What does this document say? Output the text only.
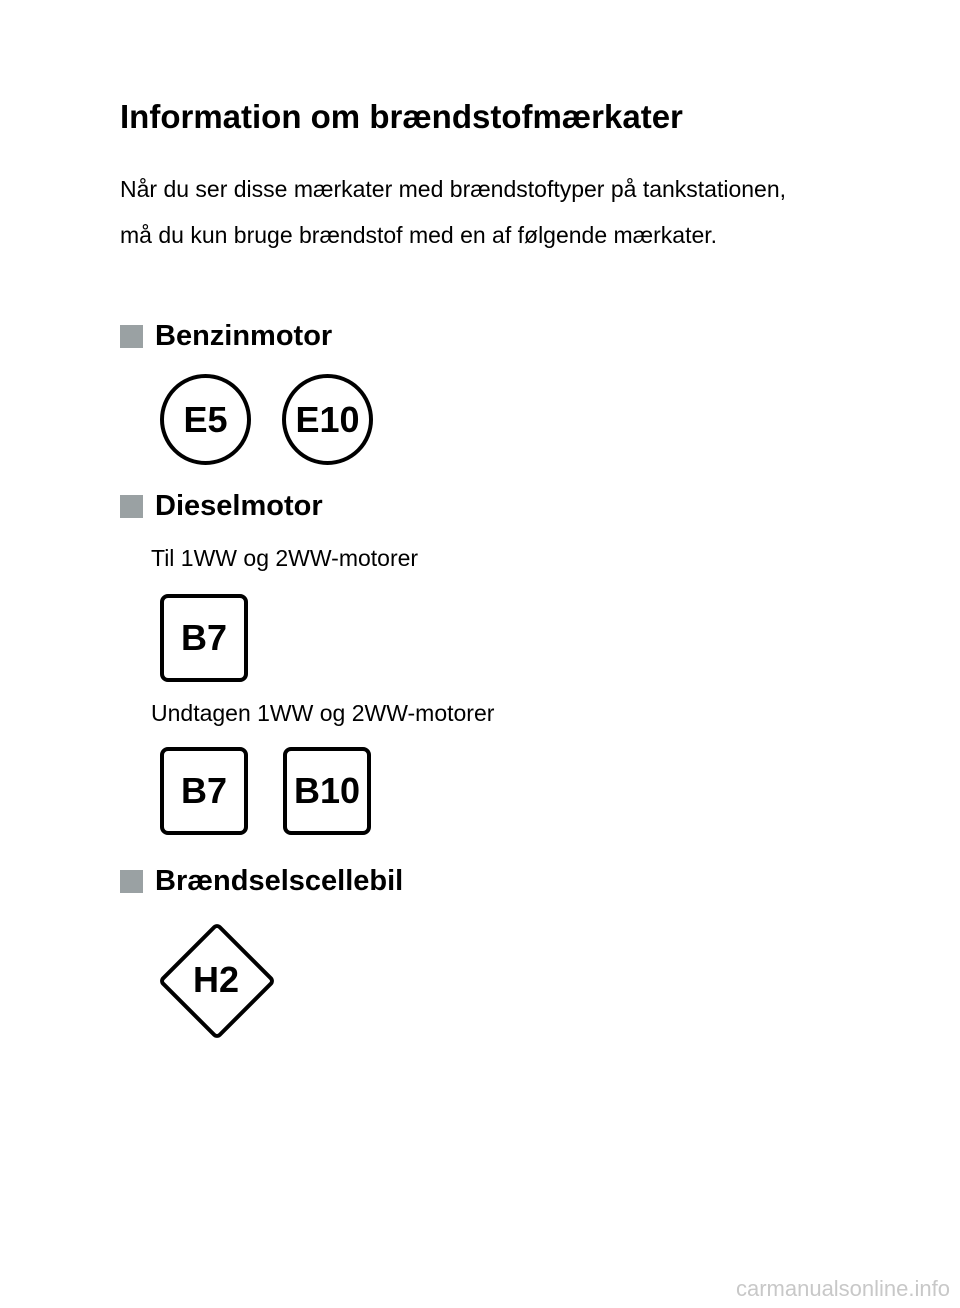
Information om brændstofmærkater

Når du ser disse mærkater med brændstoftyper på tankstationen, må du kun bruge brændstof med en af følgende mærkater.

Benzinmotor
E5	E10
Dieselmotor
Til 1WW og 2WW-motorer
B7
Undtagen 1WW og 2WW-motorer
B7	B10
Brændselscellebil
H2
carmanualsonline.info
